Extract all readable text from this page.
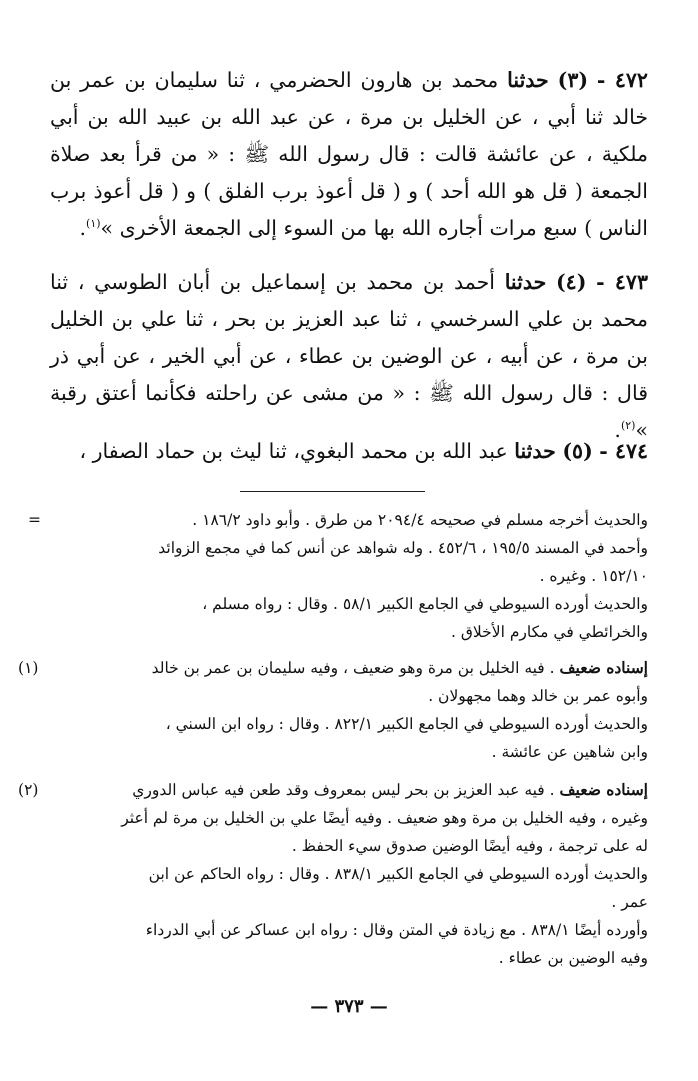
٤٧٢ - (٣) حدثنا محمد بن هارون الحضرمي ، ثنا سليمان بن عمر بن خالد ثنا أبي ، عن الخليل بن مرة ، عن عبد الله بن عبيد الله بن أبي ملكية ، عن عائشة قالت : قال رسول الله ﷺ : « من قرأ بعد صلاة الجمعة ( قل هو الله أحد ) و ( قل أعوذ برب الفلق ) و ( قل أعوذ برب الناس ) سبع مرات أجاره الله بها من السوء إلى الجمعة الأخرى »$^{(١)}$.

٤٧٣ - (٤) حدثنا أحمد بن محمد بن إسماعيل بن أبان الطوسي ، ثنا محمد بن علي السرخسي ، ثنا عبد العزيز بن بحر ، ثنا علي بن الخليل بن مرة ، عن أبيه ، عن الوضين بن عطاء ، عن أبي الخير ، عن أبي ذر قال : قال رسول الله ﷺ : « من مشى عن راحلته فكأنما أعتق رقبة »$^{(٢)}$.

٤٧٤ - (٥) حدثنا عبد الله بن محمد البغوي، ثنا ليث بن حماد الصفار ،

=	والحديث أخرجه مسلم في صحيحه ٢٠٩٤/٤ من طرق . وأبو داود ١٨٦/٢ .

وأحمد في المسند ١٩٥/٥ ، ٤٥٢/٦ . وله شواهد عن أنس كما في مجمع الزوائد

١٥٢/١٠ . وغيره .

والحديث أورده السيوطي في الجامع الكبير ٥٨/١ . وقال : رواه مسلم ،

والخرائطي في مكارم الأخلاق .

(١)	إسناده ضعيف . فيه الخليل بن مرة وهو ضعيف ، وفيه سليمان بن عمر بن خالد

وأبوه عمر بن خالد وهما مجهولان .

والحديث أورده السيوطي في الجامع الكبير ٨٢٢/١ . وقال : رواه ابن السني ،

وابن شاهين عن عائشة .

(٢)	إسناده ضعيف . فيه عبد العزيز بن بحر ليس بمعروف وقد طعن فيه عباس الدوري

وغيره ، وفيه الخليل بن مرة وهو ضعيف . وفيه أيضًا علي بن الخليل بن مرة لم أعثر

له على ترجمة ، وفيه أيضًا الوضين صدوق سيء الحفظ .

والحديث أورده السيوطي في الجامع الكبير ٨٣٨/١ . وقال : رواه الحاكم عن ابن

عمر .

وأورده أيضًا ٨٣٨/١ . مع زيادة في المتن وقال : رواه ابن عساكر عن أبي الدرداء

وفيه الوضين بن عطاء .

— ٣٧٣ —
